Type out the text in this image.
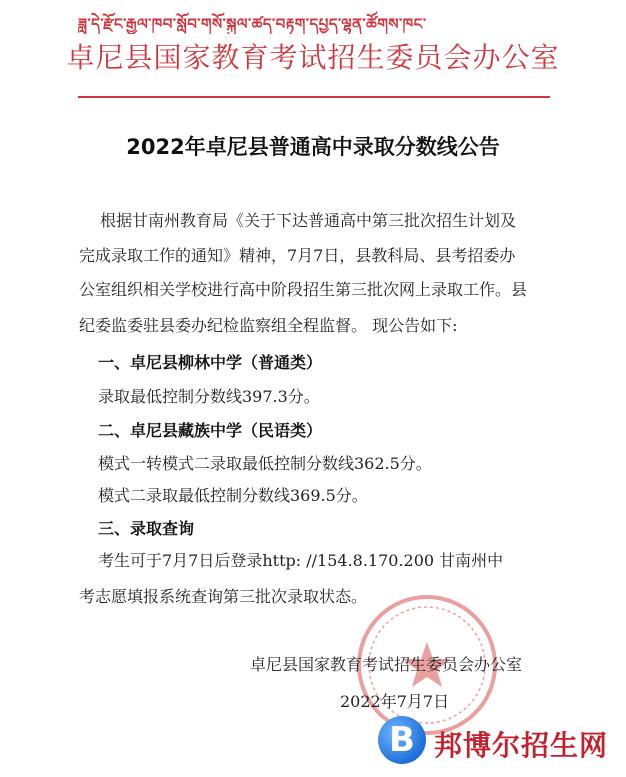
ཟླ་དེ་རྫོང་རྒྱལ་ཁབ་སློབ་གསོ་སྐུལ་ཚད་བརྟག་དཔྱད་ལྷན་ཚོགས་ཁང་
卓尼县国家教育考试招生委员会办公室
2022年卓尼县普通高中录取分数线公告
根据甘南州教育局《关于下达普通高中第三批次招生计划及
完成录取工作的通知》精神，7月7日，县教科局、县考招委办
公室组织相关学校进行高中阶段招生第三批次网上录取工作。县
纪委监委驻县委办纪检监察组全程监督。 现公告如下:
一、卓尼县柳林中学（普通类）
录取最低控制分数线397.3分。
二、卓尼县藏族中学（民语类）
模式一转模式二录取最低控制分数线362.5分。
模式二录取最低控制分数线369.5分。
三、录取查询
考生可于7月7日后登录http: //154.8.170.200 甘南州中
考志愿填报系统查询第三批次录取状态。
卓尼县国家教育考试招生委员会办公室
2022年7月7日
B 邦博尔招生网
